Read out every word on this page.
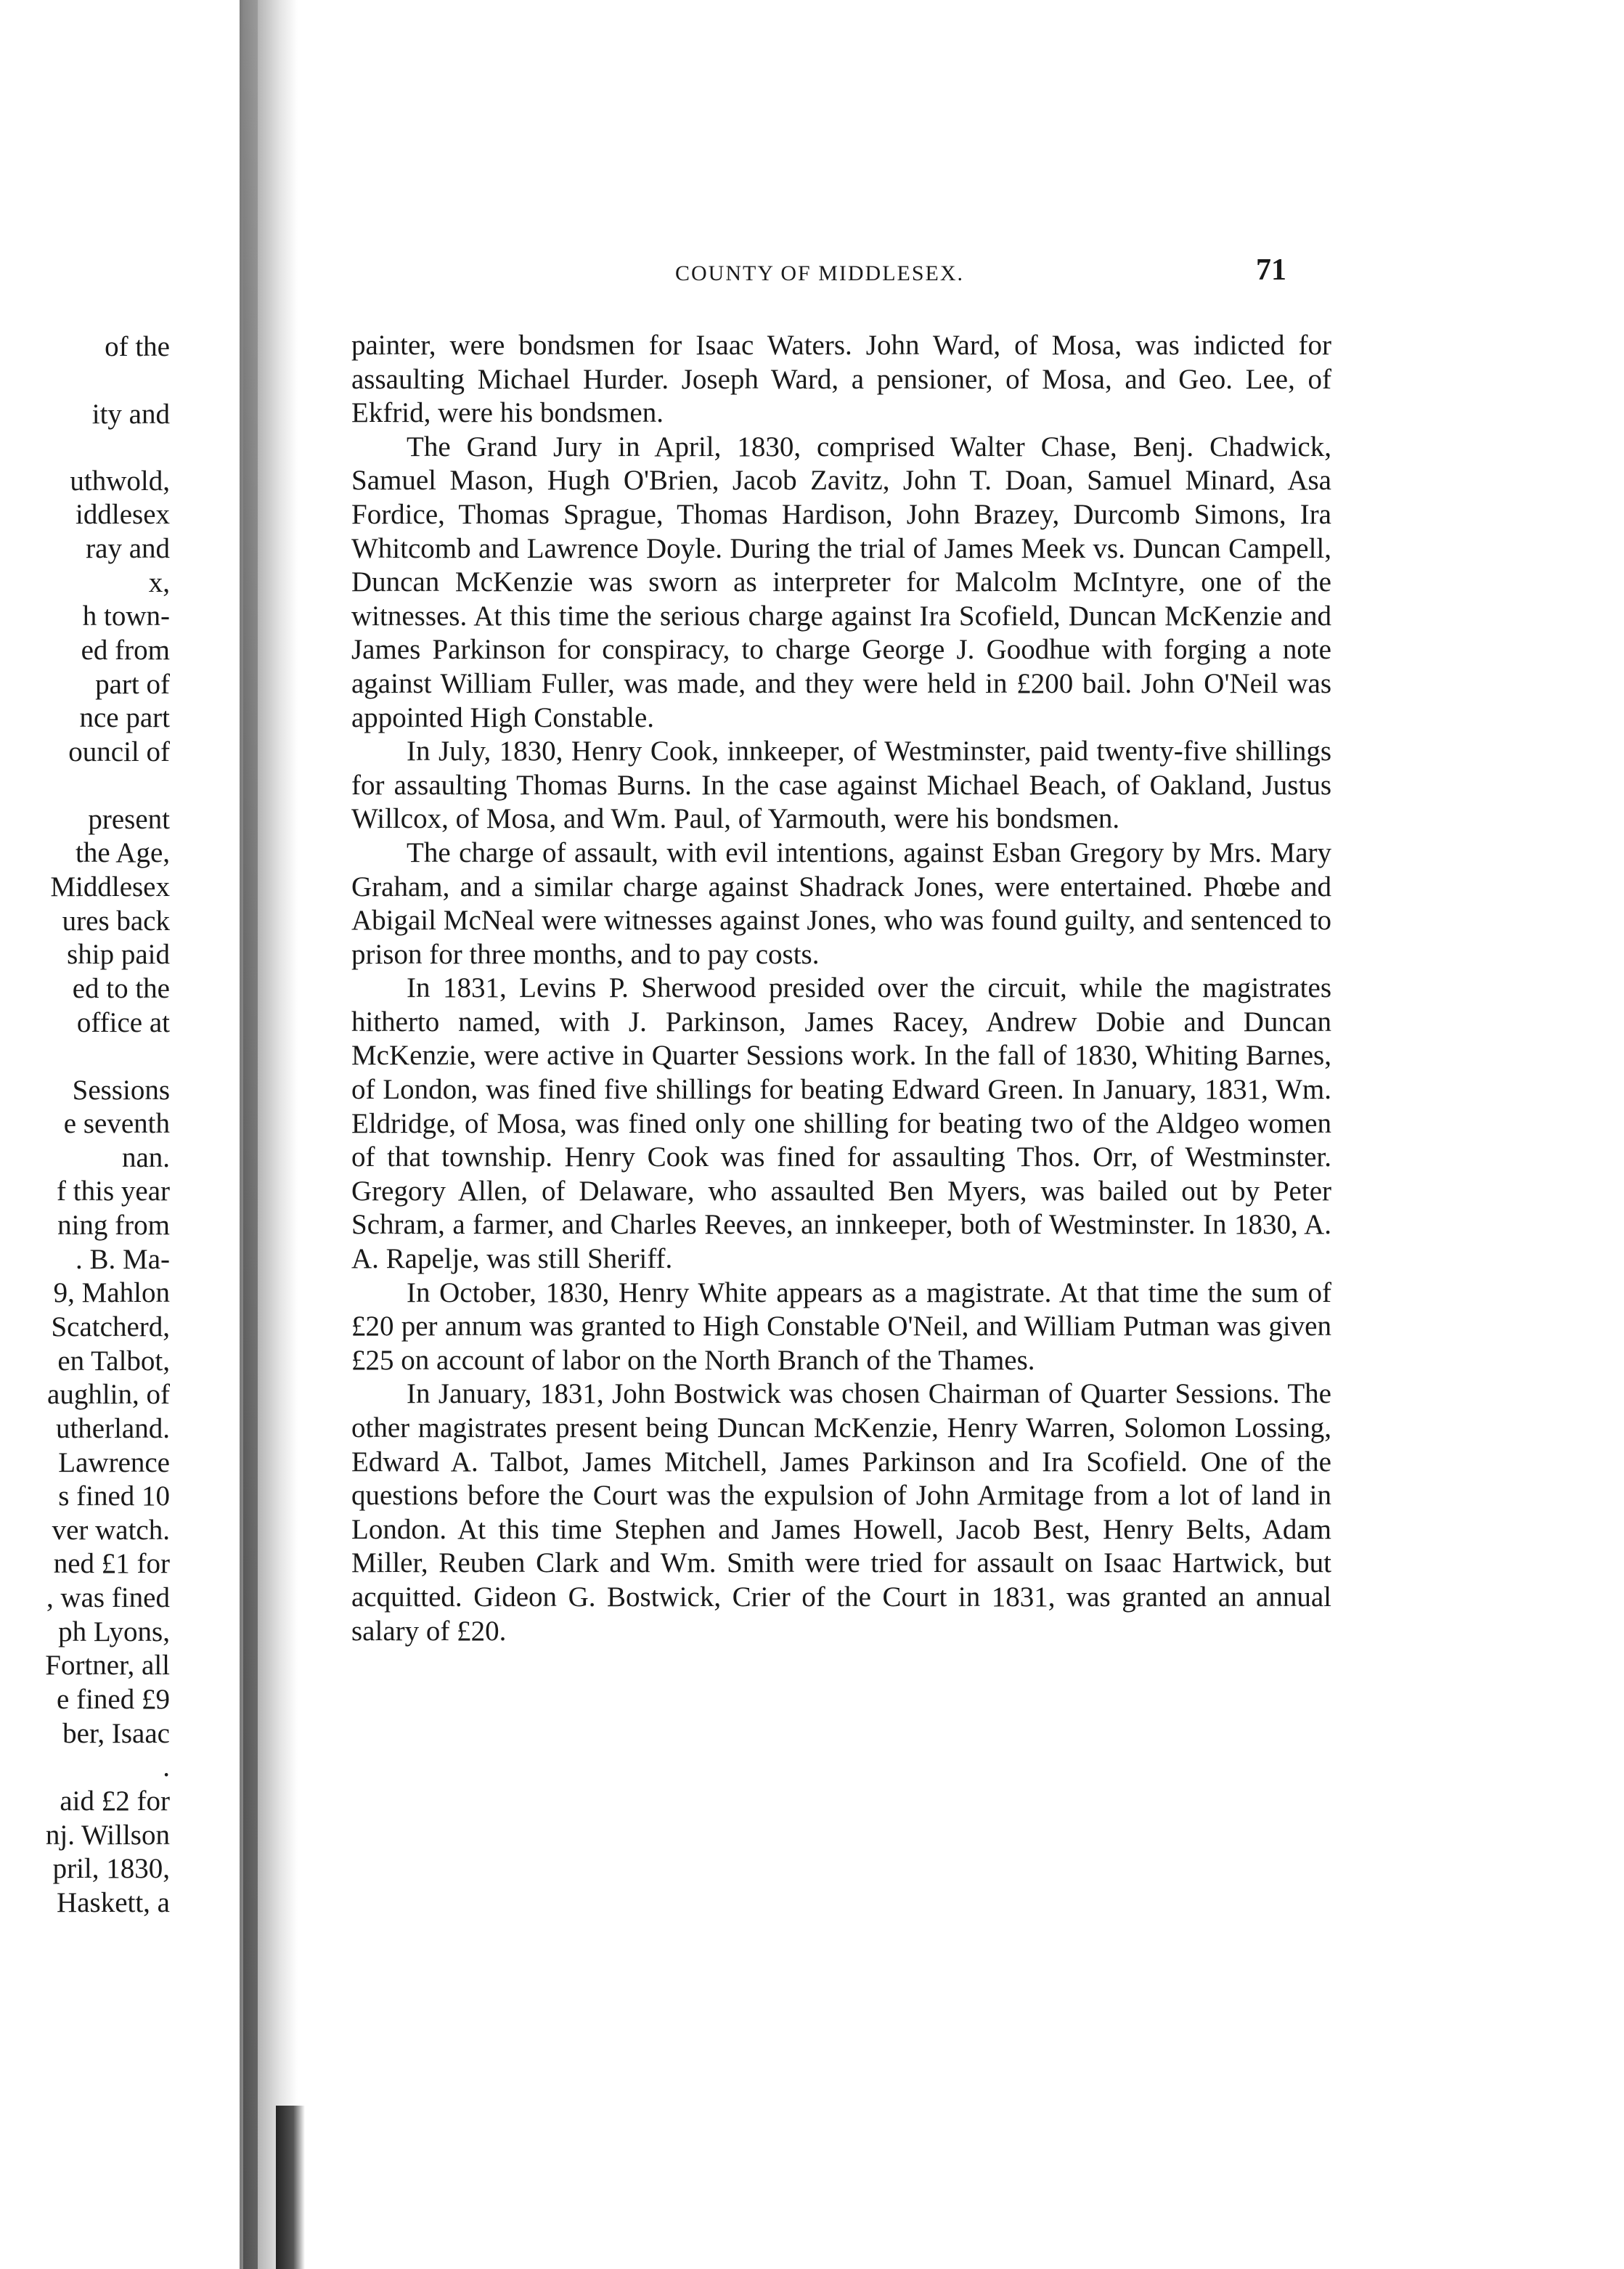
of the
ity and
uthwold,
iddlesex
ray and
x,
h town-
ed from
part of
nce part
ouncil of
present
the Age,
Middlesex
ures back
ship paid
ed to the
office at
Sessions
e seventh
nan.
f this year
ning from
. B. Ma-
9, Mahlon
Scatcherd,
en Talbot,
aughlin, of
utherland.
Lawrence
s fined 10
ver watch.
ned £1 for
, was fined
ph Lyons,
Fortner, all
e fined £9
ber, Isaac
.
aid £2 for
nj. Willson
pril, 1830,
Haskett, a
COUNTY OF MIDDLESEX.	71

painter, were bondsmen for Isaac Waters. John Ward, of Mosa, was indicted for assaulting Michael Hurder. Joseph Ward, a pensioner, of Mosa, and Geo. Lee, of Ekfrid, were his bondsmen.

The Grand Jury in April, 1830, comprised Walter Chase, Benj. Chadwick, Samuel Mason, Hugh O'Brien, Jacob Zavitz, John T. Doan, Samuel Minard, Asa Fordice, Thomas Sprague, Thomas Hardison, John Brazey, Durcomb Simons, Ira Whitcomb and Lawrence Doyle. During the trial of James Meek vs. Duncan Campell, Duncan McKenzie was sworn as interpreter for Malcolm McIntyre, one of the witnesses. At this time the serious charge against Ira Scofield, Duncan McKenzie and James Parkinson for conspiracy, to charge George J. Goodhue with forging a note against William Fuller, was made, and they were held in £200 bail. John O'Neil was appointed High Constable.

In July, 1830, Henry Cook, innkeeper, of Westminster, paid twenty-five shillings for assaulting Thomas Burns. In the case against Michael Beach, of Oakland, Justus Willcox, of Mosa, and Wm. Paul, of Yarmouth, were his bondsmen.

The charge of assault, with evil intentions, against Esban Gregory by Mrs. Mary Graham, and a similar charge against Shadrack Jones, were entertained. Phœbe and Abigail McNeal were witnesses against Jones, who was found guilty, and sentenced to prison for three months, and to pay costs.

In 1831, Levins P. Sherwood presided over the circuit, while the magistrates hitherto named, with J. Parkinson, James Racey, Andrew Dobie and Duncan McKenzie, were active in Quarter Sessions work. In the fall of 1830, Whiting Barnes, of London, was fined five shillings for beating Edward Green. In January, 1831, Wm. Eldridge, of Mosa, was fined only one shilling for beating two of the Aldgeo women of that township. Henry Cook was fined for assaulting Thos. Orr, of Westminster. Gregory Allen, of Delaware, who assaulted Ben Myers, was bailed out by Peter Schram, a farmer, and Charles Reeves, an innkeeper, both of Westminster. In 1830, A. A. Rapelje, was still Sheriff.

In October, 1830, Henry White appears as a magistrate. At that time the sum of £20 per annum was granted to High Constable O'Neil, and William Putman was given £25 on account of labor on the North Branch of the Thames.

In January, 1831, John Bostwick was chosen Chairman of Quarter Sessions. The other magistrates present being Duncan McKenzie, Henry Warren, Solomon Lossing, Edward A. Talbot, James Mitchell, James Parkinson and Ira Scofield. One of the questions before the Court was the expulsion of John Armitage from a lot of land in London. At this time Stephen and James Howell, Jacob Best, Henry Belts, Adam Miller, Reuben Clark and Wm. Smith were tried for assault on Isaac Hartwick, but acquitted. Gideon G. Bostwick, Crier of the Court in 1831, was granted an annual salary of £20.
